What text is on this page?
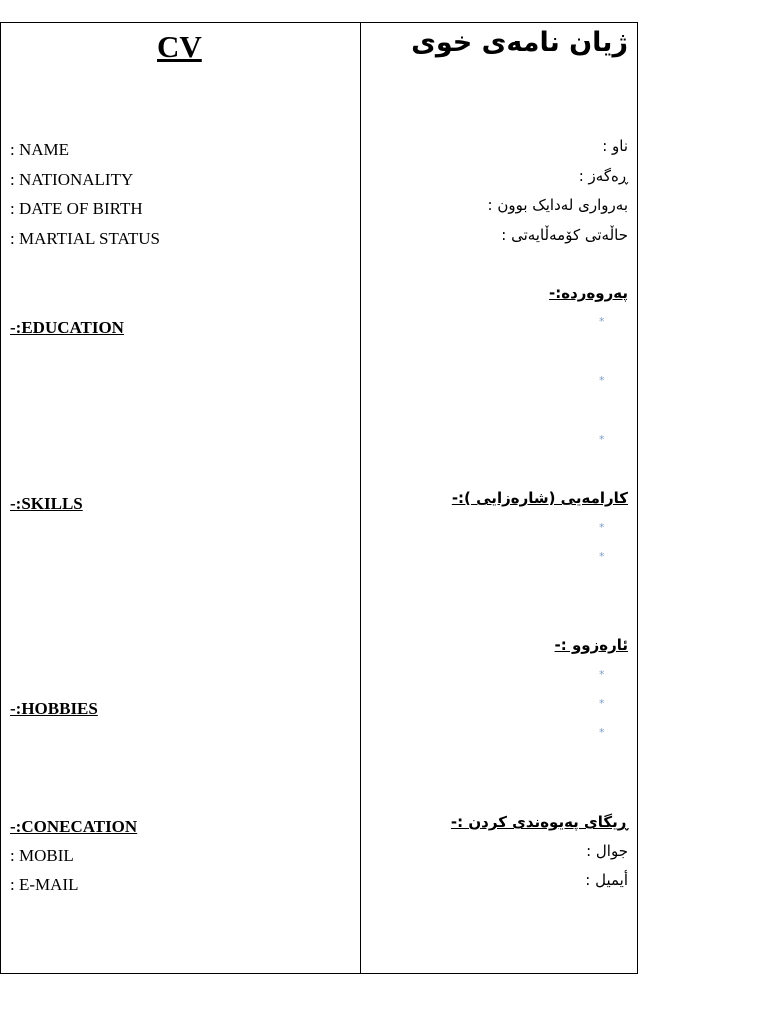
CV
: NAME
: NATIONALITY
: DATE OF BIRTH
: MARTIAL STATUS
-:EDUCATION
-:SKILLS
-:HOBBIES
-:CONECATION
: MOBIL
: E-MAIL
ژیان نامەی خوی
ناو :
ڕەگەز :
بەرواری لەدایک بوون :
حاڵەتی کۆمەڵایەتی :
پەروەردە:-
*
*
*
کارامەیی (شارەزایی ):-
*
*
ئارەزوو :-
*
*
*
ڕیگای پەیوەندی کردن :-
جوال :
أیمیل :
